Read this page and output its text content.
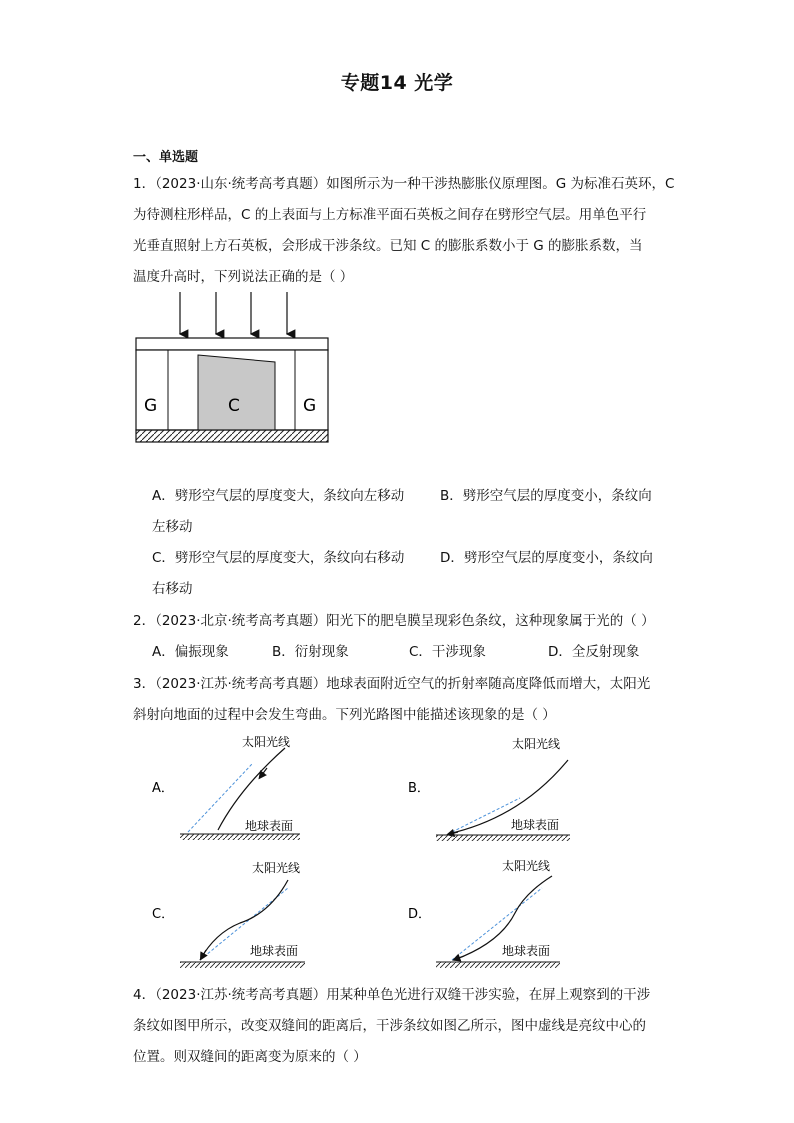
专题14 光学
一、单选题
1．（2023·山东·统考高考真题）如图所示为一种干涉热膨胀仪原理图。G 为标准石英环，C
为待测柱形样品，C 的上表面与上方标准平面石英板之间存在劈形空气层。用单色平行
光垂直照射上方石英板，会形成干涉条纹。已知 C 的膨胀系数小于 G 的膨胀系数，当
温度升高时，下列说法正确的是（ ）
G	C	G
A．劈形空气层的厚度变大，条纹向左移动	B．劈形空气层的厚度变小，条纹向
左移动
C．劈形空气层的厚度变大，条纹向右移动	D．劈形空气层的厚度变小，条纹向
右移动
2．（2023·北京·统考高考真题）阳光下的肥皂膜呈现彩色条纹，这种现象属于光的（ ）
A．偏振现象	B．衍射现象	C．干涉现象	D．全反射现象
3．（2023·江苏·统考高考真题）地球表面附近空气的折射率随高度降低而增大，太阳光
斜射向地面的过程中会发生弯曲。下列光路图中能描述该现象的是（ ）
A．
太阳光线
地球表面
B．
太阳光线
地球表面
C．
太阳光线
地球表面
D．
太阳光线
地球表面
4．（2023·江苏·统考高考真题）用某种单色光进行双缝干涉实验，在屏上观察到的干涉
条纹如图甲所示，改变双缝间的距离后，干涉条纹如图乙所示，图中虚线是亮纹中心的
位置。则双缝间的距离变为原来的（ ）
